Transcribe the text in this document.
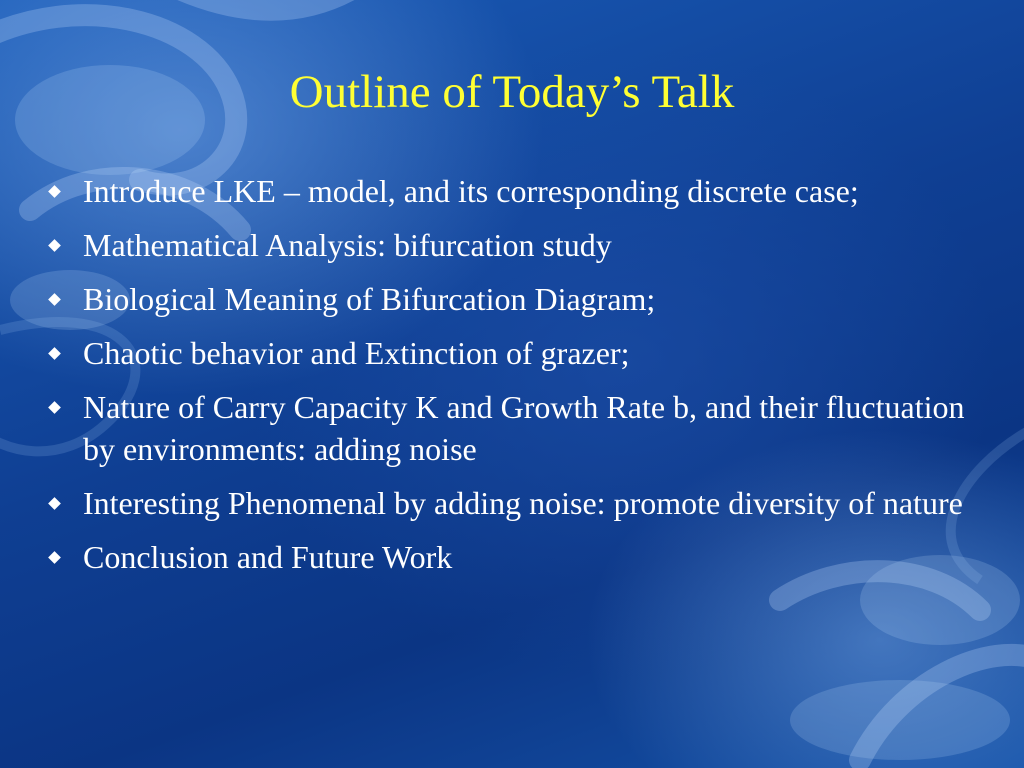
Outline of Today’s Talk
Introduce LKE – model, and its corresponding discrete case;
Mathematical Analysis: bifurcation study
Biological Meaning of Bifurcation Diagram;
Chaotic behavior and Extinction of grazer;
Nature of Carry Capacity K and Growth Rate b, and their fluctuation by environments: adding noise
Interesting Phenomenal by adding noise: promote diversity of nature
Conclusion and Future Work
